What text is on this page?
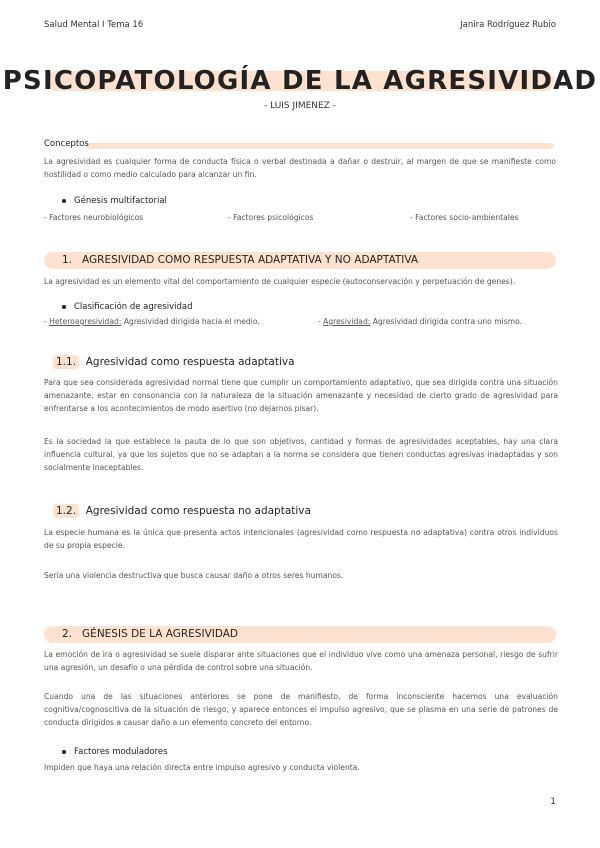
Salud Mental I Tema 16	Janira Rodríguez Rubio
PSICOPATOLOGÍA DE LA AGRESIVIDAD
- LUIS JIMENEZ -
Conceptos
La agresividad es cualquier forma de conducta física o verbal destinada a dañar o destruir, al margen de que se manifieste como hostilidad o como medio calculado para alcanzar un fin.
Génesis multifactorial
- Factores neurobiológicos	- Factores psicológicos	- Factores socio-ambientales
1. AGRESIVIDAD COMO RESPUESTA ADAPTATIVA Y NO ADAPTATIVA
La agresividad es un elemento vital del comportamiento de cualquier especie (autoconservación y perpetuación de genes).
Clasificación de agresividad
- Heteroagresividad: Agresividad dirigida hacia el medio.	- Agresividad: Agresividad dirigida contra uno mismo.
1.1. Agresividad como respuesta adaptativa
Para que sea considerada agresividad normal tiene que cumplir un comportamiento adaptativo, que sea dirigida contra una situación amenazante, estar en consonancia con la naturaleza de la situación amenazante y necesidad de cierto grado de agresividad para enfrentarse a los acontecimientos de modo asertivo (no dejarnos pisar).
Es la sociedad la que establece la pauta de lo que son objetivos, cantidad y formas de agresividades aceptables, hay una clara influencia cultural, ya que los sujetos que no se adaptan a la norma se considera que tienen conductas agresivas inadaptadas y son socialmente inaceptables.
1.2. Agresividad como respuesta no adaptativa
La especie humana es la única que presenta actos intencionales (agresividad como respuesta no adaptativa) contra otros individuos de su propia especie.
Sería una violencia destructiva que busca causar daño a otros seres humanos.
2. GÉNESIS DE LA AGRESIVIDAD
La emoción de ira o agresividad se suele disparar ante situaciones que el individuo vive como una amenaza personal, riesgo de sufrir una agresión, un desafío o una pérdida de control sobre una situación.
Cuando una de las situaciones anteriores se pone de manifiesto, de forma inconsciente hacemos una evaluación cognitiva/cognoscitiva de la situación de riesgo, y aparece entonces el impulso agresivo, que se plasma en una serie de patrones de conducta dirigidos a causar daño a un elemento concreto del entorno.
Factores moduladores
Impiden que haya una relación directa entre impulso agresivo y conducta violenta.
1
